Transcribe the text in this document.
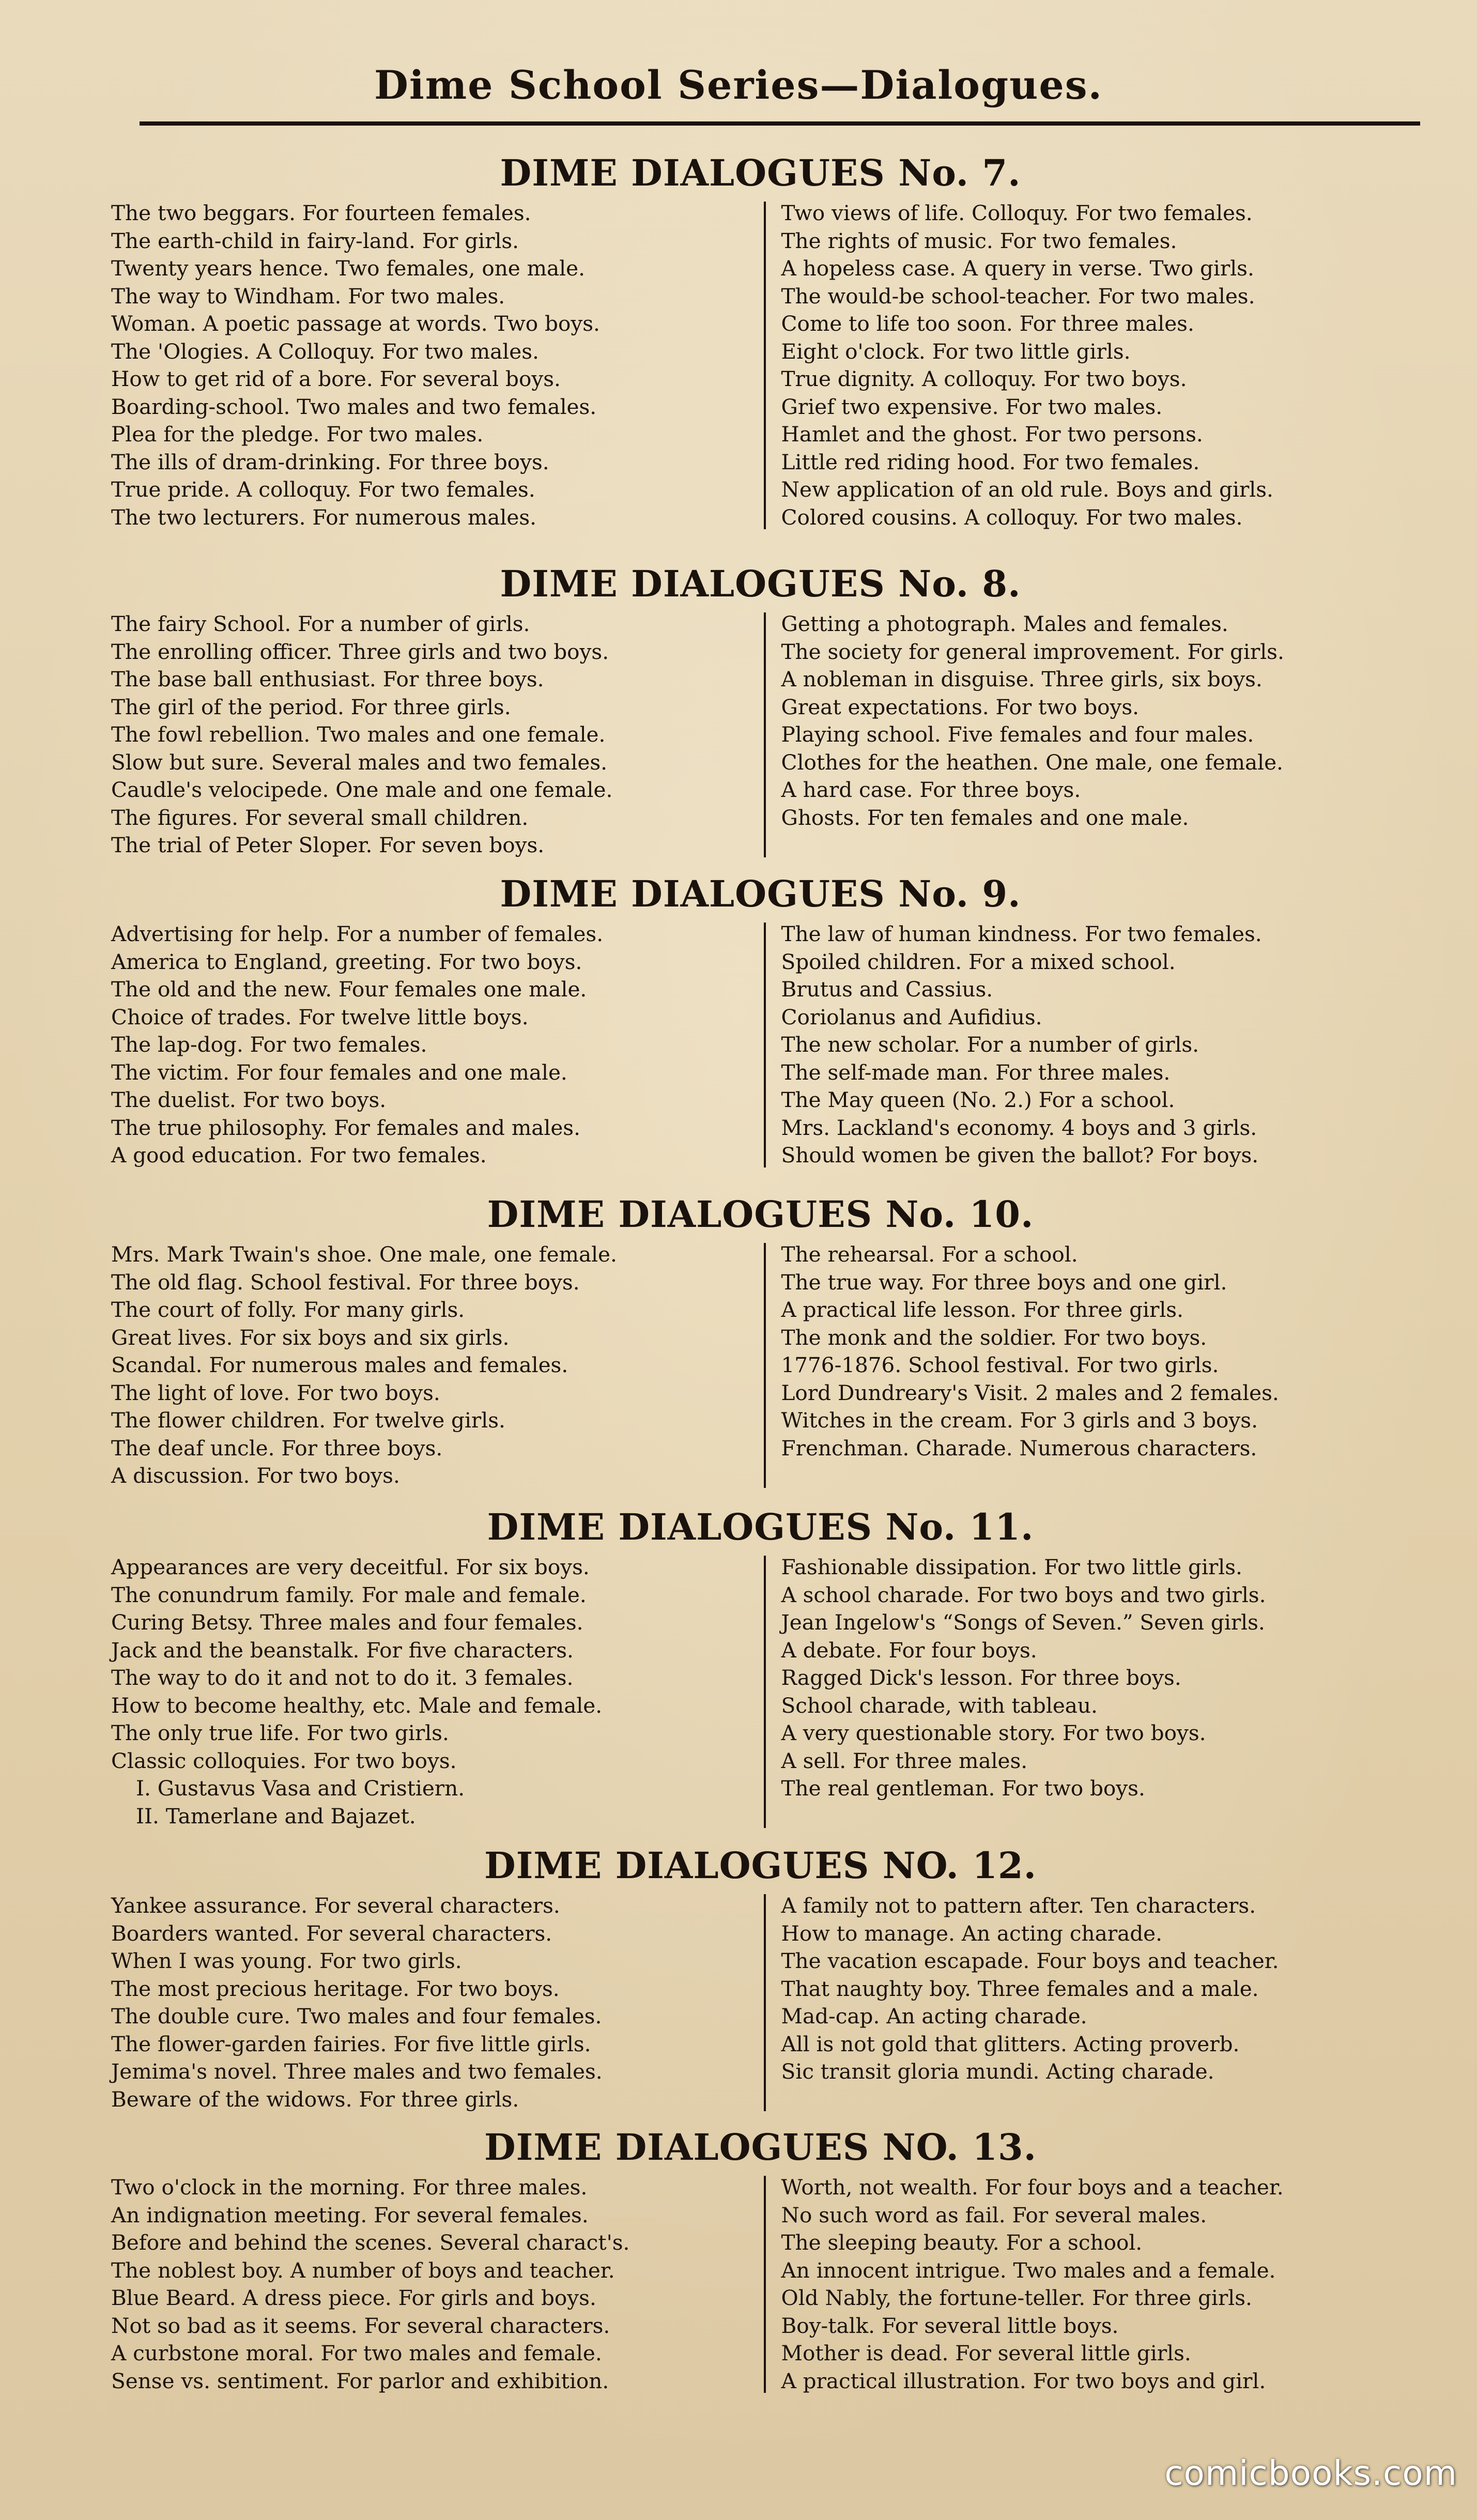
Dime School Series—Dialogues.
DIME DIALOGUES No. 7.
The two beggars. For fourteen females.
The earth-child in fairy-land. For girls.
Twenty years hence. Two females, one male.
The way to Windham. For two males.
Woman. A poetic passage at words. Two boys.
The 'Ologies. A Colloquy. For two males.
How to get rid of a bore. For several boys.
Boarding-school. Two males and two females.
Plea for the pledge. For two males.
The ills of dram-drinking. For three boys.
True pride. A colloquy. For two females.
The two lecturers. For numerous males.
Two views of life. Colloquy. For two females.
The rights of music. For two females.
A hopeless case. A query in verse. Two girls.
The would-be school-teacher. For two males.
Come to life too soon. For three males.
Eight o'clock. For two little girls.
True dignity. A colloquy. For two boys.
Grief two expensive. For two males.
Hamlet and the ghost. For two persons.
Little red riding hood. For two females.
New application of an old rule. Boys and girls.
Colored cousins. A colloquy. For two males.
DIME DIALOGUES No. 8.
The fairy School. For a number of girls.
The enrolling officer. Three girls and two boys.
The base ball enthusiast. For three boys.
The girl of the period. For three girls.
The fowl rebellion. Two males and one female.
Slow but sure. Several males and two females.
Caudle's velocipede. One male and one female.
The figures. For several small children.
The trial of Peter Sloper. For seven boys.
Getting a photograph. Males and females.
The society for general improvement. For girls.
A nobleman in disguise. Three girls, six boys.
Great expectations. For two boys.
Playing school. Five females and four males.
Clothes for the heathen. One male, one female.
A hard case. For three boys.
Ghosts. For ten females and one male.
DIME DIALOGUES No. 9.
Advertising for help. For a number of females.
America to England, greeting. For two boys.
The old and the new. Four females one male.
Choice of trades. For twelve little boys.
The lap-dog. For two females.
The victim. For four females and one male.
The duelist. For two boys.
The true philosophy. For females and males.
A good education. For two females.
The law of human kindness. For two females.
Spoiled children. For a mixed school.
Brutus and Cassius.
Coriolanus and Aufidius.
The new scholar. For a number of girls.
The self-made man. For three males.
The May queen (No. 2.) For a school.
Mrs. Lackland's economy. 4 boys and 3 girls.
Should women be given the ballot? For boys.
DIME DIALOGUES No. 10.
Mrs. Mark Twain's shoe. One male, one female.
The old flag. School festival. For three boys.
The court of folly. For many girls.
Great lives. For six boys and six girls.
Scandal. For numerous males and females.
The light of love. For two boys.
The flower children. For twelve girls.
The deaf uncle. For three boys.
A discussion. For two boys.
The rehearsal. For a school.
The true way. For three boys and one girl.
A practical life lesson. For three girls.
The monk and the soldier. For two boys.
1776-1876. School festival. For two girls.
Lord Dundreary's Visit. 2 males and 2 females.
Witches in the cream. For 3 girls and 3 boys.
Frenchman. Charade. Numerous characters.
DIME DIALOGUES No. 11.
Appearances are very deceitful. For six boys.
The conundrum family. For male and female.
Curing Betsy. Three males and four females.
Jack and the beanstalk. For five characters.
The way to do it and not to do it. 3 females.
How to become healthy, etc. Male and female.
The only true life. For two girls.
Classic colloquies. For two boys.
I. Gustavus Vasa and Cristiern.
II. Tamerlane and Bajazet.
Fashionable dissipation. For two little girls.
A school charade. For two boys and two girls.
Jean Ingelow's “Songs of Seven.” Seven girls.
A debate. For four boys.
Ragged Dick's lesson. For three boys.
School charade, with tableau.
A very questionable story. For two boys.
A sell. For three males.
The real gentleman. For two boys.
DIME DIALOGUES NO. 12.
Yankee assurance. For several characters.
Boarders wanted. For several characters.
When I was young. For two girls.
The most precious heritage. For two boys.
The double cure. Two males and four females.
The flower-garden fairies. For five little girls.
Jemima's novel. Three males and two females.
Beware of the widows. For three girls.
A family not to pattern after. Ten characters.
How to manage. An acting charade.
The vacation escapade. Four boys and teacher.
That naughty boy. Three females and a male.
Mad-cap. An acting charade.
All is not gold that glitters. Acting proverb.
Sic transit gloria mundi. Acting charade.
DIME DIALOGUES NO. 13.
Two o'clock in the morning. For three males.
An indignation meeting. For several females.
Before and behind the scenes. Several charact's.
The noblest boy. A number of boys and teacher.
Blue Beard. A dress piece. For girls and boys.
Not so bad as it seems. For several characters.
A curbstone moral. For two males and female.
Sense vs. sentiment. For parlor and exhibition.
Worth, not wealth. For four boys and a teacher.
No such word as fail. For several males.
The sleeping beauty. For a school.
An innocent intrigue. Two males and a female.
Old Nably, the fortune-teller. For three girls.
Boy-talk. For several little boys.
Mother is dead. For several little girls.
A practical illustration. For two boys and girl.
comicbooks.com
